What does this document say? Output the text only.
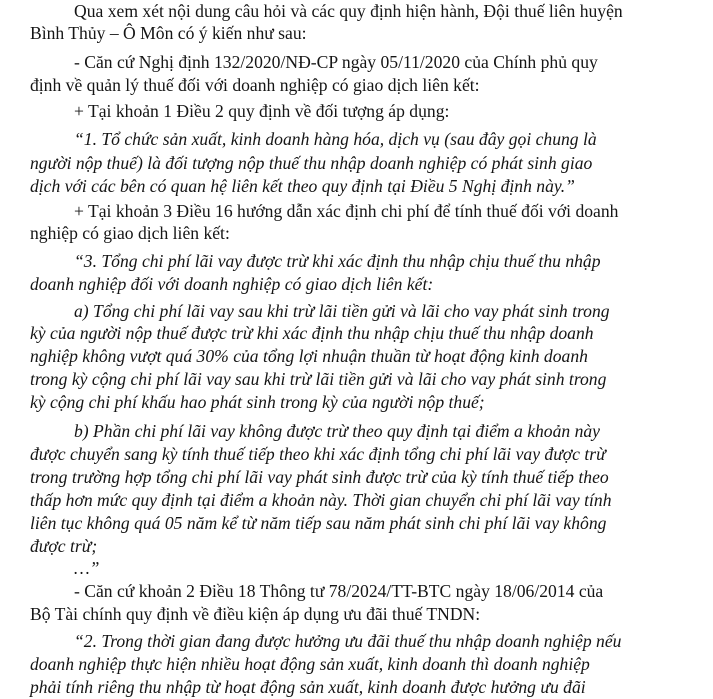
Qua xem xét nội dung câu hỏi và các quy định hiện hành, Đội thuế liên huyện
Bình Thủy – Ô Môn có ý kiến như sau:
- Căn cứ Nghị định 132/2020/NĐ-CP ngày 05/11/2020 của Chính phủ quy
định về quản lý thuế đối với doanh nghiệp có giao dịch liên kết:
+ Tại khoản 1 Điều 2 quy định về đối tượng áp dụng:
“1. Tổ chức sản xuất, kinh doanh hàng hóa, dịch vụ (sau đây gọi chung là
người nộp thuế) là đối tượng nộp thuế thu nhập doanh nghiệp có phát sinh giao
dịch với các bên có quan hệ liên kết theo quy định tại Điều 5 Nghị định này.”
+ Tại khoản 3 Điều 16 hướng dẫn xác định chi phí để tính thuế đối với doanh
nghiệp có giao dịch liên kết:
“3. Tổng chi phí lãi vay được trừ khi xác định thu nhập chịu thuế thu nhập
doanh nghiệp đối với doanh nghiệp có giao dịch liên kết:
a) Tổng chi phí lãi vay sau khi trừ lãi tiền gửi và lãi cho vay phát sinh trong
kỳ của người nộp thuế được trừ khi xác định thu nhập chịu thuế thu nhập doanh
nghiệp không vượt quá 30% của tổng lợi nhuận thuần từ hoạt động kinh doanh
trong kỳ cộng chi phí lãi vay sau khi trừ lãi tiền gửi và lãi cho vay phát sinh trong
kỳ cộng chi phí khấu hao phát sinh trong kỳ của người nộp thuế;
b) Phần chi phí lãi vay không được trừ theo quy định tại điểm a khoản này
được chuyển sang kỳ tính thuế tiếp theo khi xác định tổng chi phí lãi vay được trừ
trong trường hợp tổng chi phí lãi vay phát sinh được trừ của kỳ tính thuế tiếp theo
thấp hơn mức quy định tại điểm a khoản này. Thời gian chuyển chi phí lãi vay tính
liên tục không quá 05 năm kể từ năm tiếp sau năm phát sinh chi phí lãi vay không
được trừ;
…”
- Căn cứ khoản 2 Điều 18 Thông tư 78/2024/TT-BTC ngày 18/06/2014 của
Bộ Tài chính quy định về điều kiện áp dụng ưu đãi thuế TNDN:
“2. Trong thời gian đang được hưởng ưu đãi thuế thu nhập doanh nghiệp nếu
doanh nghiệp thực hiện nhiều hoạt động sản xuất, kinh doanh thì doanh nghiệp
phải tính riêng thu nhập từ hoạt động sản xuất, kinh doanh được hưởng ưu đãi
